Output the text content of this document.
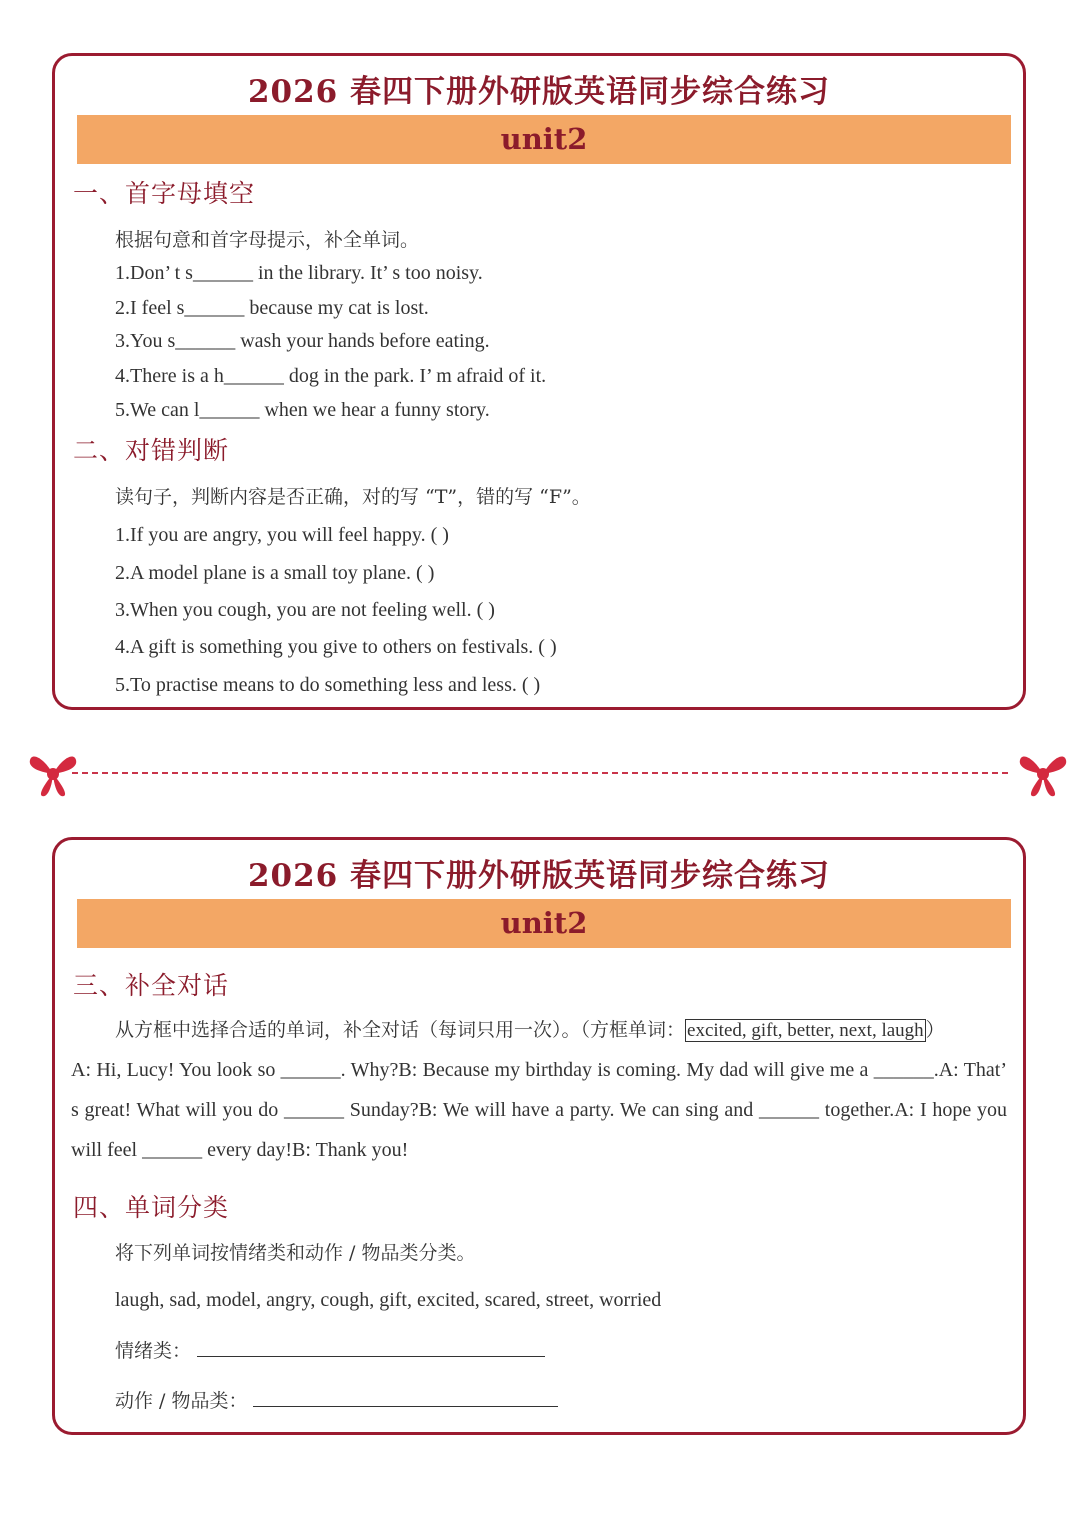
2026 春四下册外研版英语同步综合练习
unit2
一、首字母填空
根据句意和首字母提示，补全单词。
1.Don’ t s______ in the library. It’ s too noisy.
2.I feel s______ because my cat is lost.
3.You s______ wash your hands before eating.
4.There is a h______ dog in the park. I’ m afraid of it.
5.We can l______ when we hear a funny story.
二、对错判断
读句子，判断内容是否正确，对的写 “T”，错的写 “F”。
1.If you are angry, you will feel happy. ( )
2.A model plane is a small toy plane. ( )
3.When you cough, you are not feeling well. ( )
4.A gift is something you give to others on festivals. ( )
5.To practise means to do something less and less. ( )
2026 春四下册外研版英语同步综合练习
unit2
三、补全对话
从方框中选择合适的单词，补全对话（每词只用一次）。（方框单词： excited, gift, better, next, laugh ）
A: Hi, Lucy! You look so ______. Why?B: Because my birthday is coming. My dad will give me a ______.A: That’ s great! What will you do ______ Sunday?B: We will have a party. We can sing and ______ together.A: I hope you will feel ______ every day!B: Thank you!
四、单词分类
将下列单词按情绪类和动作 / 物品类分类。
laugh, sad, model, angry, cough, gift, excited, scared, street, worried
情绪类：
动作 / 物品类：
